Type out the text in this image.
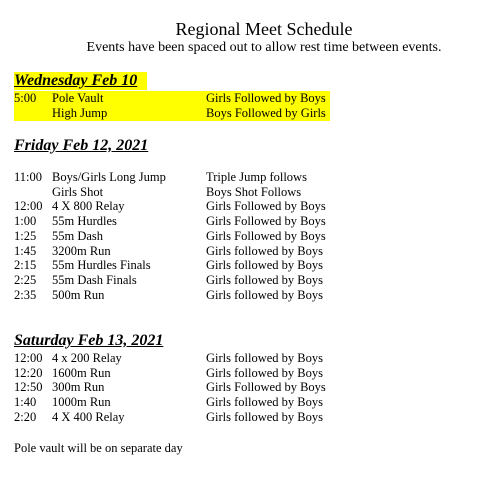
Regional Meet Schedule
Events have been spaced out to allow rest time between events.
Wednesday Feb 10
5:00 Pole Vault	Girls Followed by Boys
High Jump	Boys Followed by Girls
Friday Feb 12, 2021
11:00 Boys/Girls Long Jump	Triple Jump follows
Girls Shot	Boys Shot Follows
12:00 4 X 800 Relay	Girls Followed by Boys
1:00 55m Hurdles	Girls Followed by Boys
1:25 55m Dash	Girls Followed by Boys
1:45 3200m Run	Girls followed by Boys
2:15 55m Hurdles Finals	Girls followed by Boys
2:25 55m Dash Finals	Girls followed by Boys
2:35 500m Run	Girls followed by Boys
Saturday Feb 13, 2021
12:00 4 x 200 Relay	Girls followed by Boys
12:20 1600m Run	Girls followed by Boys
12:50 300m Run	Girls Followed by Boys
1:40 1000m Run	Girls followed by Boys
2:20 4 X 400 Relay	Girls followed by Boys
Pole vault will be on separate day
